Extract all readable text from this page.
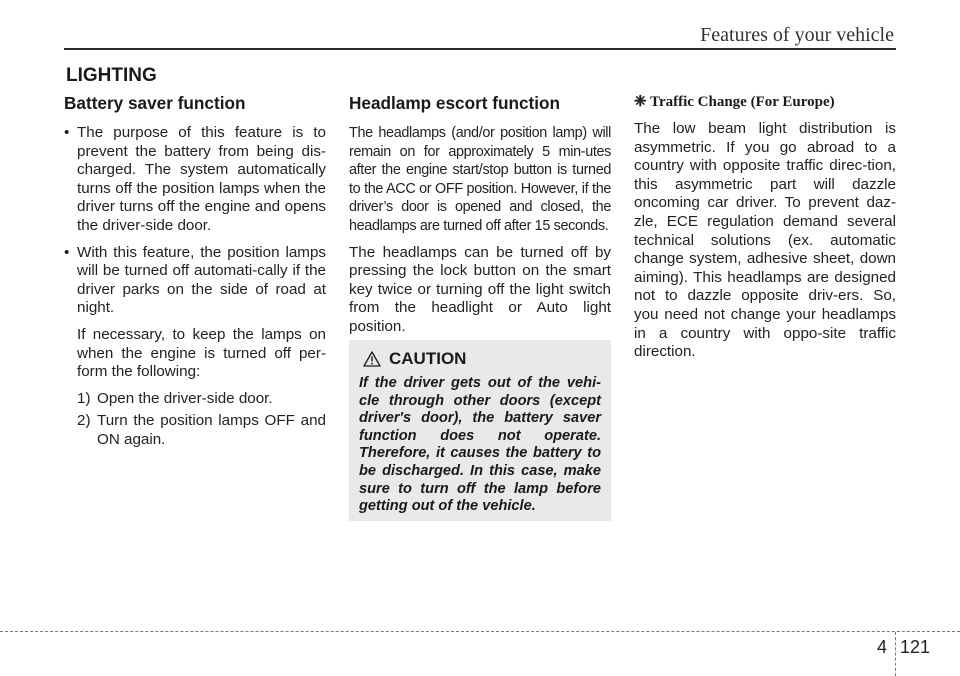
Features of your vehicle
LIGHTING
Battery saver function
• The purpose of this feature is to prevent the battery from being dis-charged. The system automatically turns off the position lamps when the driver turns off the engine and opens the driver-side door.
• With this feature, the position lamps will be turned off automati-cally if the driver parks on the side of road at night.
If necessary, to keep the lamps on when the engine is turned off per-form the following:
1) Open the driver-side door.
2) Turn the position lamps OFF and ON again.
Headlamp escort function

The headlamps (and/or position lamp) will remain on for approximately 5 min-utes after the engine start/stop button is turned to the ACC or OFF position. However, if the driver’s door is opened and closed, the headlamps are turned off after 15 seconds.

The headlamps can be turned off by pressing the lock button on the smart key twice or turning off the light switch from the headlight or Auto light position.

CAUTION

If the driver gets out of the vehi-cle through other doors (except driver's door), the battery saver function does not operate. Therefore, it causes the battery to be discharged. In this case, make sure to turn off the lamp before getting out of the vehicle.

❈ Traffic Change (For Europe)

The low beam light distribution is asymmetric. If you go abroad to a country with opposite traffic direc-tion, this asymmetric part will dazzle oncoming car driver. To prevent daz-zle, ECE regulation demand several technical solutions (ex. automatic change system, adhesive sheet, down aiming). This headlamps are designed not to dazzle opposite driv-ers. So, you need not change your headlamps in a country with oppo-site traffic direction.

4 121
